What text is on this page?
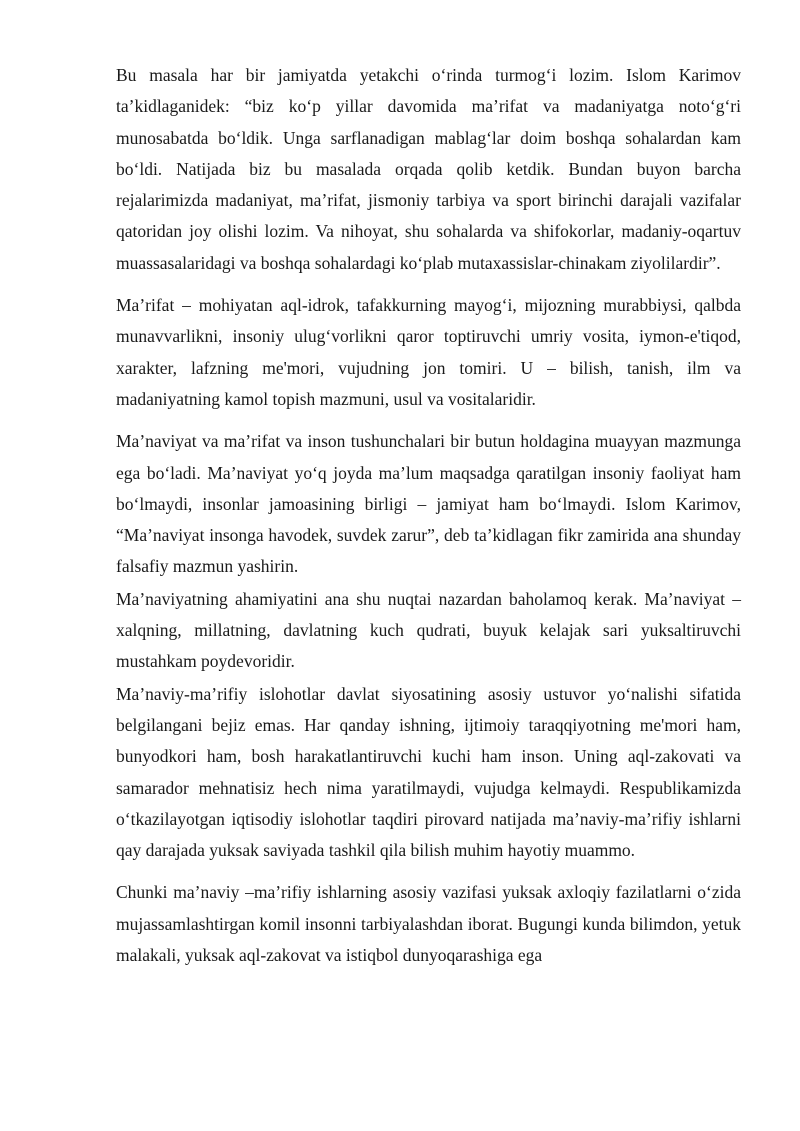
Bu masala har bir jamiyatda yetakchi o‘rinda turmog‘i lozim. Islom Karimov ta’kidlaganidek: “biz ko‘p yillar davomida ma’rifat va madaniyatga noto‘g‘ri munosabatda bo‘ldik. Unga sarflanadigan mablag‘lar doim boshqa sohalardan kam bo‘ldi. Natijada biz bu masalada orqada qolib ketdik. Bundan buyon barcha rejalarimizda madaniyat, ma’rifat, jismoniy tarbiya va sport birinchi darajali vazifalar qatoridan joy olishi lozim. Va nihoyat, shu sohalarda va shifokorlar, madaniy-oqartuv muassasalaridagi va boshqa sohalardagi ko‘plab mutaxassislar-chinakam ziyolilardir”.

Ma’rifat – mohiyatan aql-idrok, tafakkurning mayog‘i, mijozning murabbiysi, qalbda munavvarlikni, insoniy ulug‘vorlikni qaror toptiruvchi umriy vosita, iymon-e'tiqod, xarakter, lafzning me'mori, vujudning jon tomiri. U – bilish, tanish, ilm va madaniyatning kamol topish mazmuni, usul va vositalaridir.

Ma’naviyat va ma’rifat va inson tushunchalari bir butun holdagina muayyan mazmunga ega bo‘ladi. Ma’naviyat yo‘q joyda ma’lum maqsadga qaratilgan insoniy faoliyat ham bo‘lmaydi, insonlar jamoasining birligi – jamiyat ham bo‘lmaydi. Islom Karimov, “Ma’naviyat insonga havodek, suvdek zarur”, deb ta’kidlagan fikr zamirida ana shunday falsafiy mazmun yashirin.

Ma’naviyatning ahamiyatini ana shu nuqtai nazardan baholamoq kerak. Ma’naviyat – xalqning, millatning, davlatning kuch qudrati, buyuk kelajak sari yuksaltiruvchi mustahkam poydevoridir.

Ma’naviy-ma’rifiy islohotlar davlat siyosatining asosiy ustuvor yo‘nalishi sifatida belgilangani bejiz emas. Har qanday ishning, ijtimoiy taraqqiyotning me'mori ham, bunyodkori ham, bosh harakatlantiruvchi kuchi ham inson. Uning aql-zakovati va samarador mehnatisiz hech nima yaratilmaydi, vujudga kelmaydi. Respublikamizda o‘tkazilayotgan iqtisodiy islohotlar taqdiri pirovard natijada ma’naviy-ma’rifiy ishlarni qay darajada yuksak saviyada tashkil qila bilish muhim hayotiy muammo.

Chunki ma’naviy –ma’rifiy ishlarning asosiy vazifasi yuksak axloqiy fazilatlarni o‘zida mujassamlashtirgan komil insonni tarbiyalashdan iborat. Bugungi kunda bilimdon, yetuk malakali, yuksak aql-zakovat va istiqbol dunyoqarashiga ega
